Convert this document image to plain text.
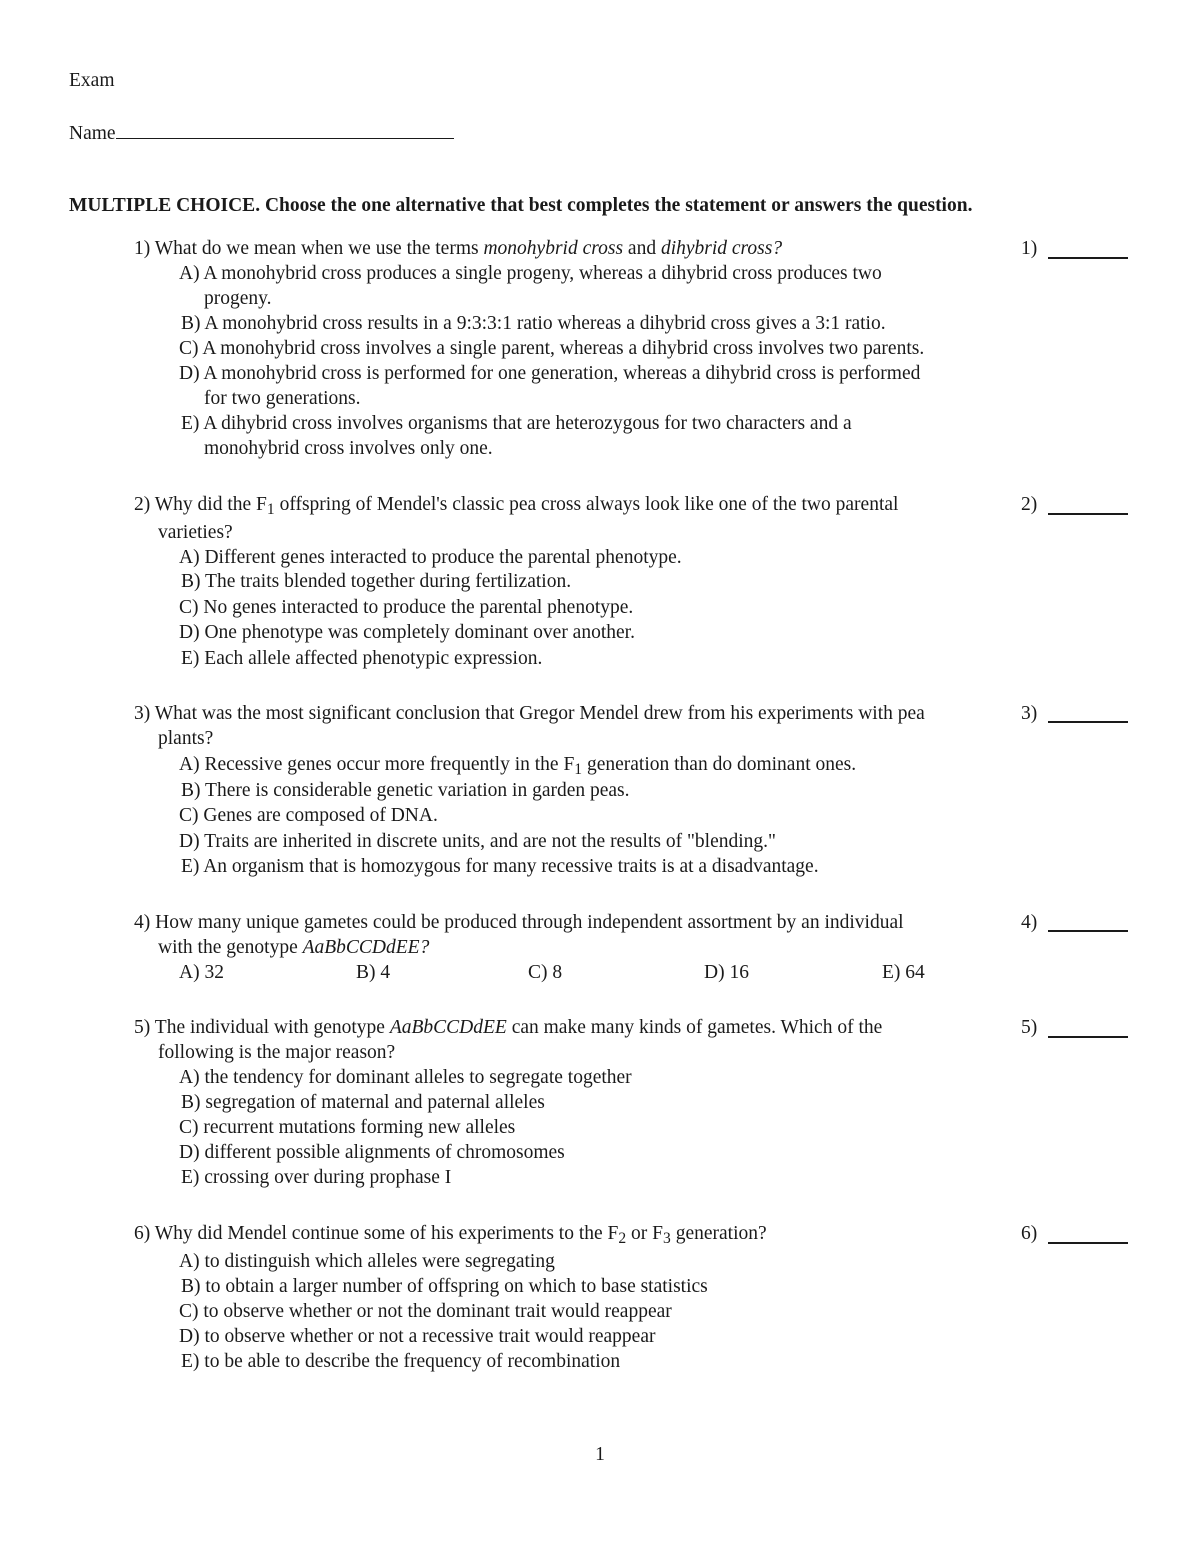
Exam
Name
MULTIPLE CHOICE. Choose the one alternative that best completes the statement or answers the question.
1) What do we mean when we use the terms monohybrid cross and dihybrid cross?	1)
A) A monohybrid cross produces a single progeny, whereas a dihybrid cross produces two
progeny.
B) A monohybrid cross results in a 9:3:3:1 ratio whereas a dihybrid cross gives a 3:1 ratio.
C) A monohybrid cross involves a single parent, whereas a dihybrid cross involves two parents.
D) A monohybrid cross is performed for one generation, whereas a dihybrid cross is performed
for two generations.
E) A dihybrid cross involves organisms that are heterozygous for two characters and a
monohybrid cross involves only one.
2) Why did the $F_1$ offspring of Mendel's classic pea cross always look like one of the two parental
varieties?
2)
A) Different genes interacted to produce the parental phenotype.
B) The traits blended together during fertilization.
C) No genes interacted to produce the parental phenotype.
D) One phenotype was completely dominant over another.
E) Each allele affected phenotypic expression.
3) What was the most significant conclusion that Gregor Mendel drew from his experiments with pea
plants?
3)
A) Recessive genes occur more frequently in the $F_1$ generation than do dominant ones.
B) There is considerable genetic variation in garden peas.
C) Genes are composed of DNA.
D) Traits are inherited in discrete units, and are not the results of "blending."
E) An organism that is homozygous for many recessive traits is at a disadvantage.
4) How many unique gametes could be produced through independent assortment by an individual
with the genotype AaBbCCDdEE?
4)
A) 32	B) 4	C) 8	D) 16	E) 64
5) The individual with genotype AaBbCCDdEE can make many kinds of gametes. Which of the
following is the major reason?
5)
A) the tendency for dominant alleles to segregate together
B) segregation of maternal and paternal alleles
C) recurrent mutations forming new alleles
D) different possible alignments of chromosomes
E) crossing over during prophase I
6) Why did Mendel continue some of his experiments to the $F_2$ or $F_3$ generation?	6)
A) to distinguish which alleles were segregating
B) to obtain a larger number of offspring on which to base statistics
C) to observe whether or not the dominant trait would reappear
D) to observe whether or not a recessive trait would reappear
E) to be able to describe the frequency of recombination
1
